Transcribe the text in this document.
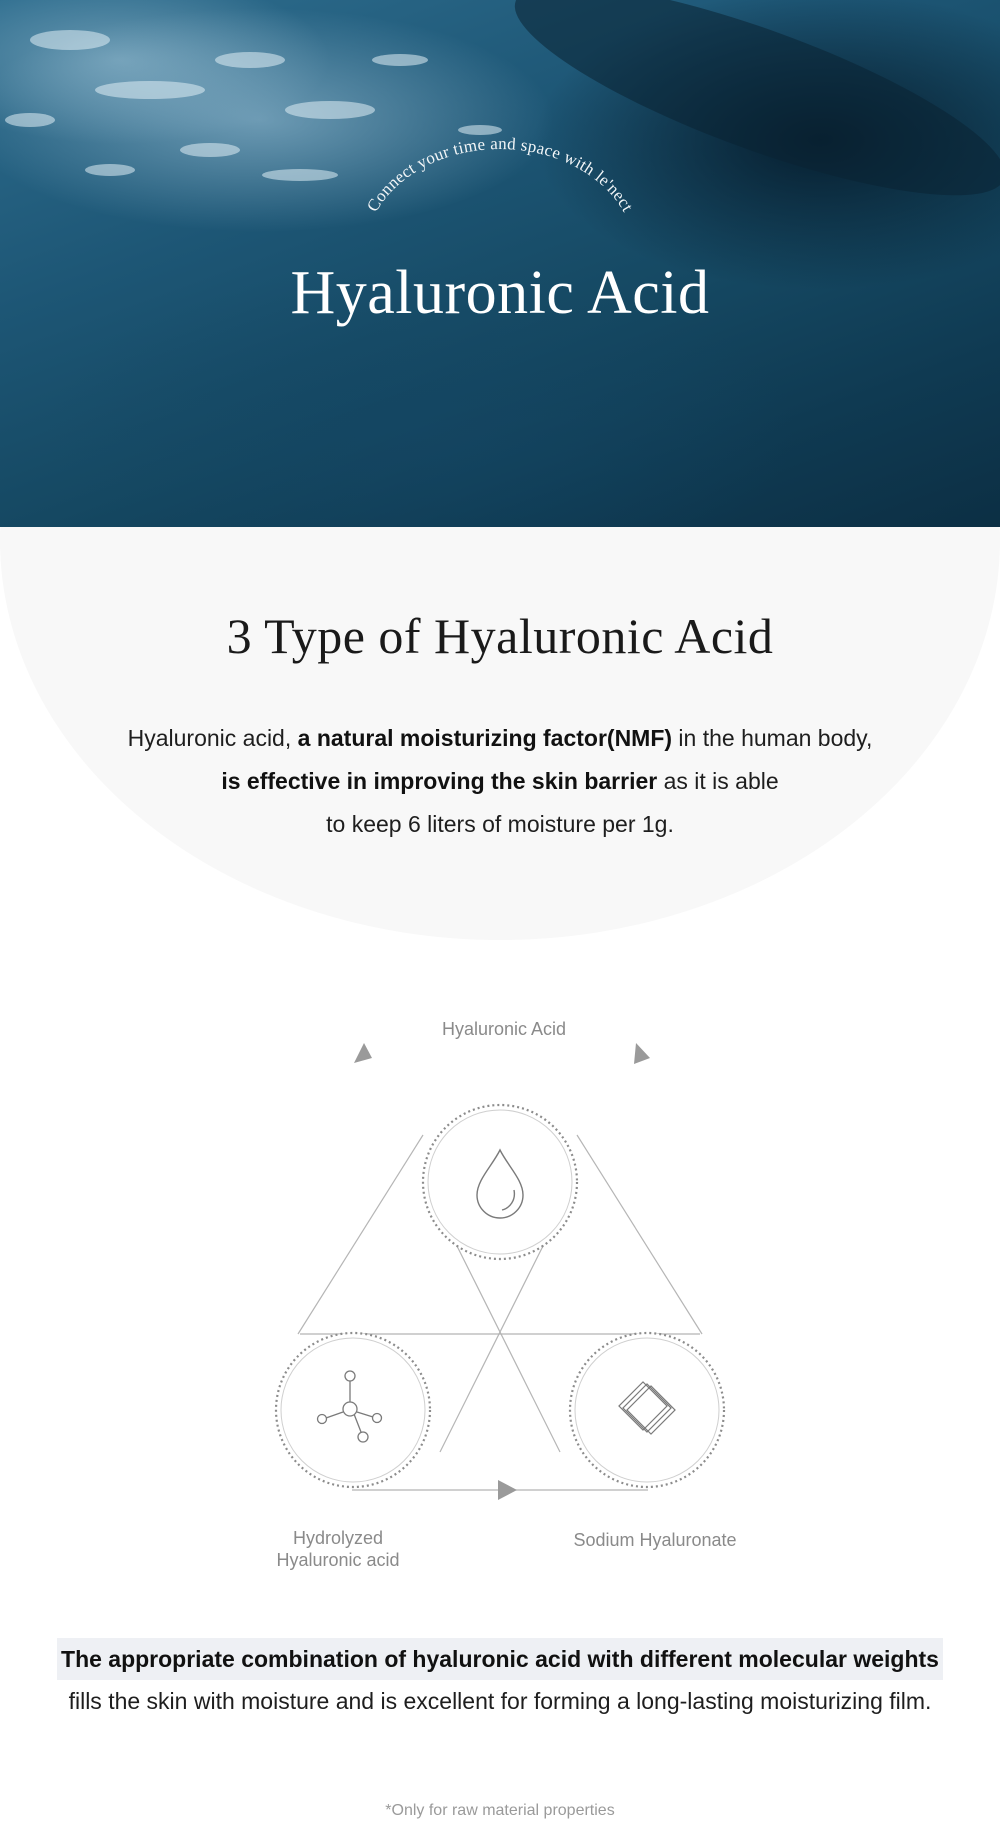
Connect your time and space with le'nect
Hyaluronic Acid
3 Type of Hyaluronic Acid
Hyaluronic acid, a natural moisturizing factor(NMF) in the human body,
is effective in improving the skin barrier as it is able
to keep 6 liters of moisture per 1g.
Hyaluronic Acid
Hydrolyzed
Hyaluronic acid
Sodium Hyaluronate
The appropriate combination of hyaluronic acid with different molecular weights
fills the skin with moisture and is excellent for forming a long-lasting moisturizing film.
*Only for raw material properties
